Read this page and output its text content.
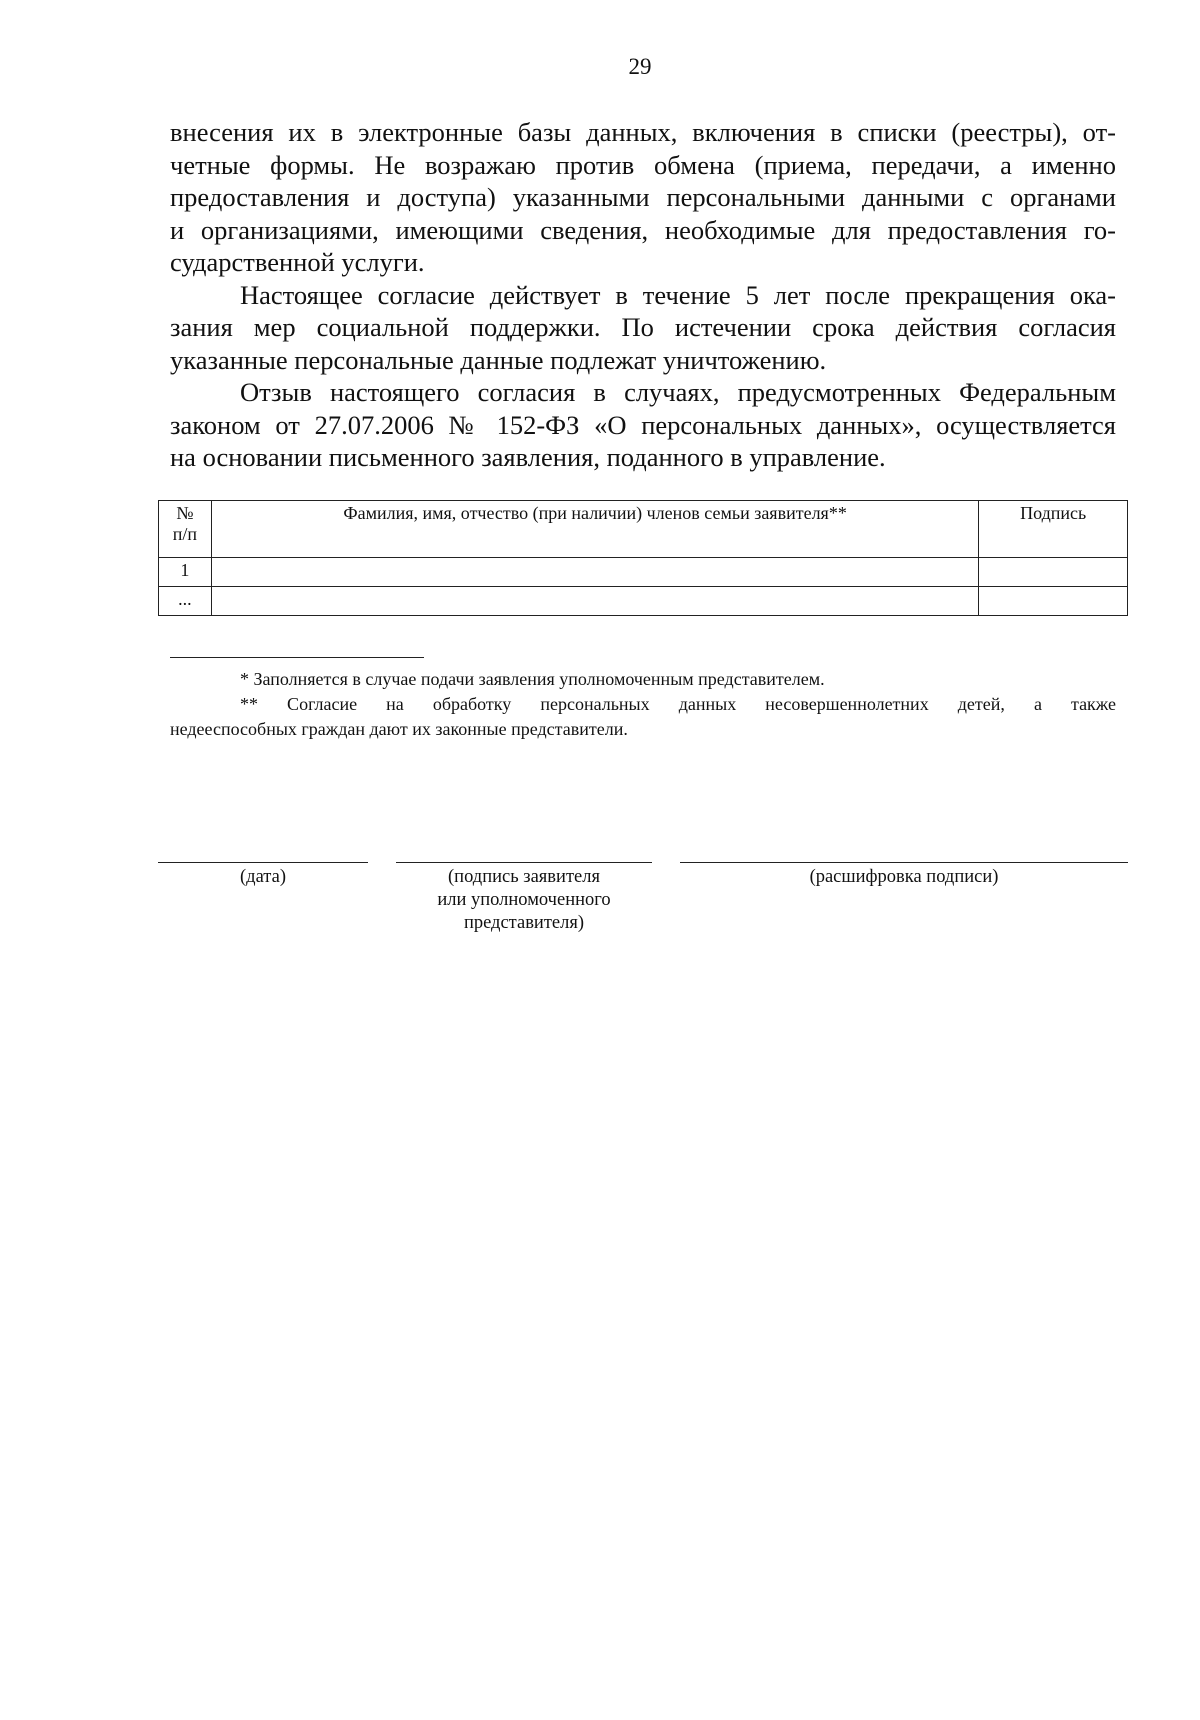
29

внесения их в электронные базы данных, включения в списки (реестры), от-
четные формы. Не возражаю против обмена (приема, передачи, а именно
предоставления и доступа) указанными персональными данными с органами
и организациями, имеющими сведения, необходимые для предоставления го-
сударственной услуги.

Настоящее согласие действует в течение 5 лет после прекращения ока-
зания мер социальной поддержки. По истечении срока действия согласия
указанные персональные данные подлежат уничтожению.

Отзыв настоящего согласия в случаях, предусмотренных Федеральным
законом от 27.07.2006 № 152-ФЗ «О персональных данных», осуществляется
на основании письменного заявления, поданного в управление.

№
п/п	Фамилия, имя, отчество (при наличии) членов семьи заявителя**	Подпись
1		
...		

* Заполняется в случае подачи заявления уполномоченным представителем.

** Согласие на обработку персональных данных несовершеннолетних детей, а также
недееспособных граждан дают их законные представители.

(дата)	(подпись заявителя
или уполномоченного
представителя)
(расшифровка подписи)
